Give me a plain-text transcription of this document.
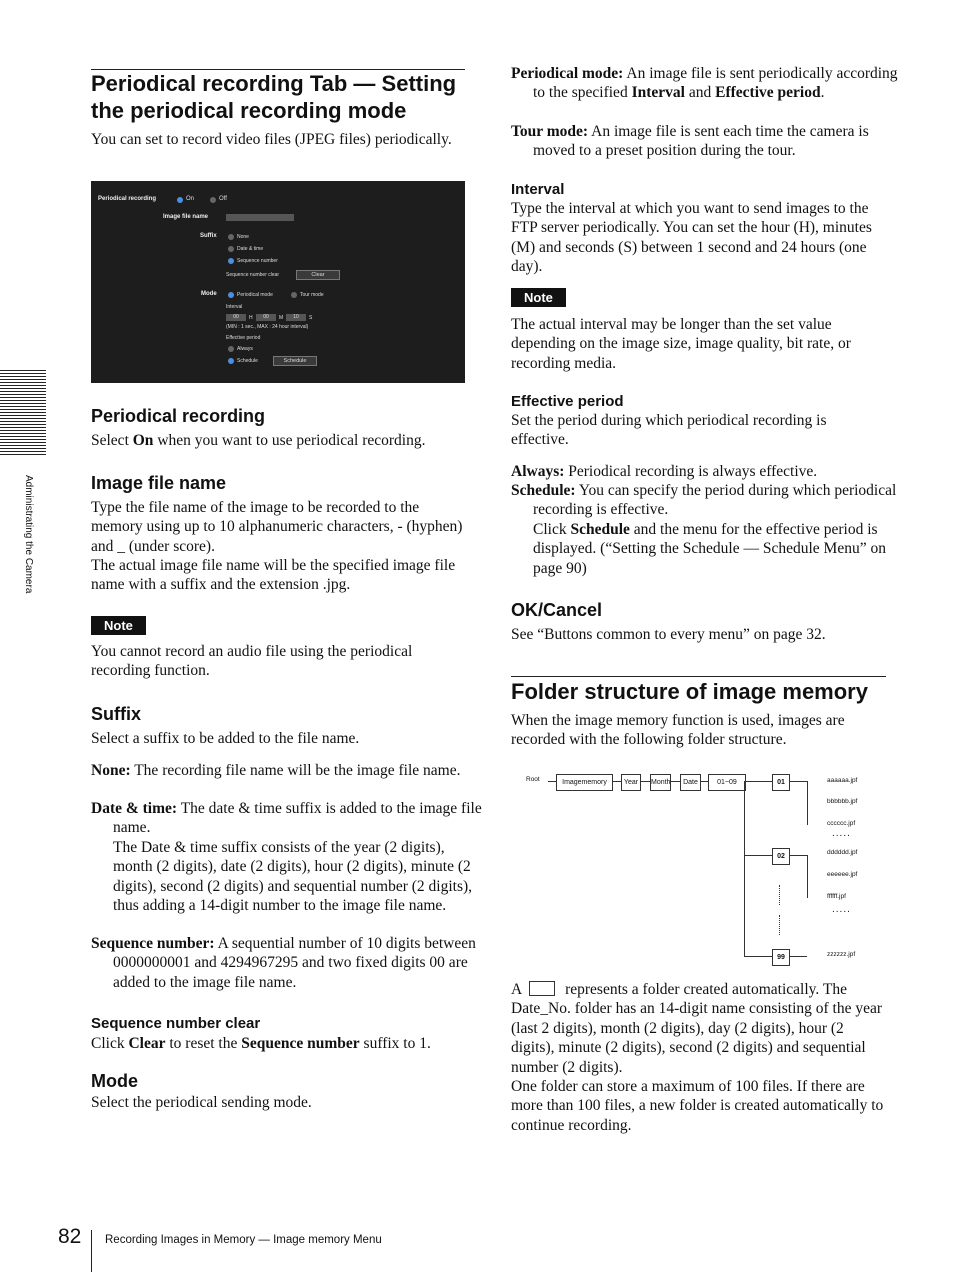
Administrating the Camera
Periodical recording Tab — Setting the periodical recording mode

You can set to record video files (JPEG files) periodically.

Periodical recording	On	Off
Image file name
Suffix	None
Date & time
Sequence number
Sequence number clear	Clear
Mode	Periodical mode	Tour mode
Interval
00	H	00	M	10	S
(MIN : 1 sec., MAX : 24 hour interval)
Effective period
Always
Schedule	Schedule
Periodical recording

Select On when you want to use periodical recording.

Image file name

Type the file name of the image to be recorded to the memory using up to 10 alphanumeric characters, - (hyphen) and _ (under score).

The actual image file name will be the specified image file name with a suffix and the extension .jpg.

Note

You cannot record an audio file using the periodical recording function.

Suffix

Select a suffix to be added to the file name.

None: The recording file name will be the image file name.

Date & time: The date & time suffix is added to the image file name.

The Date & time suffix consists of the year (2 digits), month (2 digits), date (2 digits), hour (2 digits), minute (2 digits), second (2 digits) and sequential number (2 digits), thus adding a 14-digit number to the image file name.

Sequence number: A sequential number of 10 digits between 0000000001 and 4294967295 and two fixed digits 00 are added to the image file name.

Sequence number clear

Click Clear to reset the Sequence number suffix to 1.

Mode

Select the periodical sending mode.

Periodical mode: An image file is sent periodically according to the specified Interval and Effective period.

Tour mode: An image file is sent each time the camera is moved to a preset position during the tour.

Interval

Type the interval at which you want to send images to the FTP server periodically. You can set the hour (H), minutes (M) and seconds (S) between 1 second and 24 hours (one day).

Note

The actual interval may be longer than the set value depending on the image size, image quality, bit rate, or recording media.

Effective period

Set the period during which periodical recording is effective.

Always: Periodical recording is always effective.

Schedule: You can specify the period during which periodical recording is effective.

Click Schedule and the menu for the effective period is displayed. (“Setting the Schedule — Schedule Menu” on page 90)

OK/Cancel

See “Buttons common to every menu” on page 32.

Folder structure of image memory

When the image memory function is used, images are recorded with the following folder structure.

Root	Imagememory	Year	Month	Date	01~09	01
02
99
aaaaaa.jpf
bbbbbb.jpf
cccccc.jpf
.....
dddddd.jpf
eeeeee.jpf
ffffff.jpf
.....
zzzzzz.jpf

A	represents a folder created automatically. The Date_No. folder has an 14-digit name consisting of the year (last 2 digits), month (2 digits), day (2 digits), hour (2 digits), minute (2 digits), second (2 digits) and sequential number (2 digits).

One folder can store a maximum of 100 files. If there are more than 100 files, a new folder is created automatically to continue recording.

82 Recording Images in Memory — Image memory Menu
